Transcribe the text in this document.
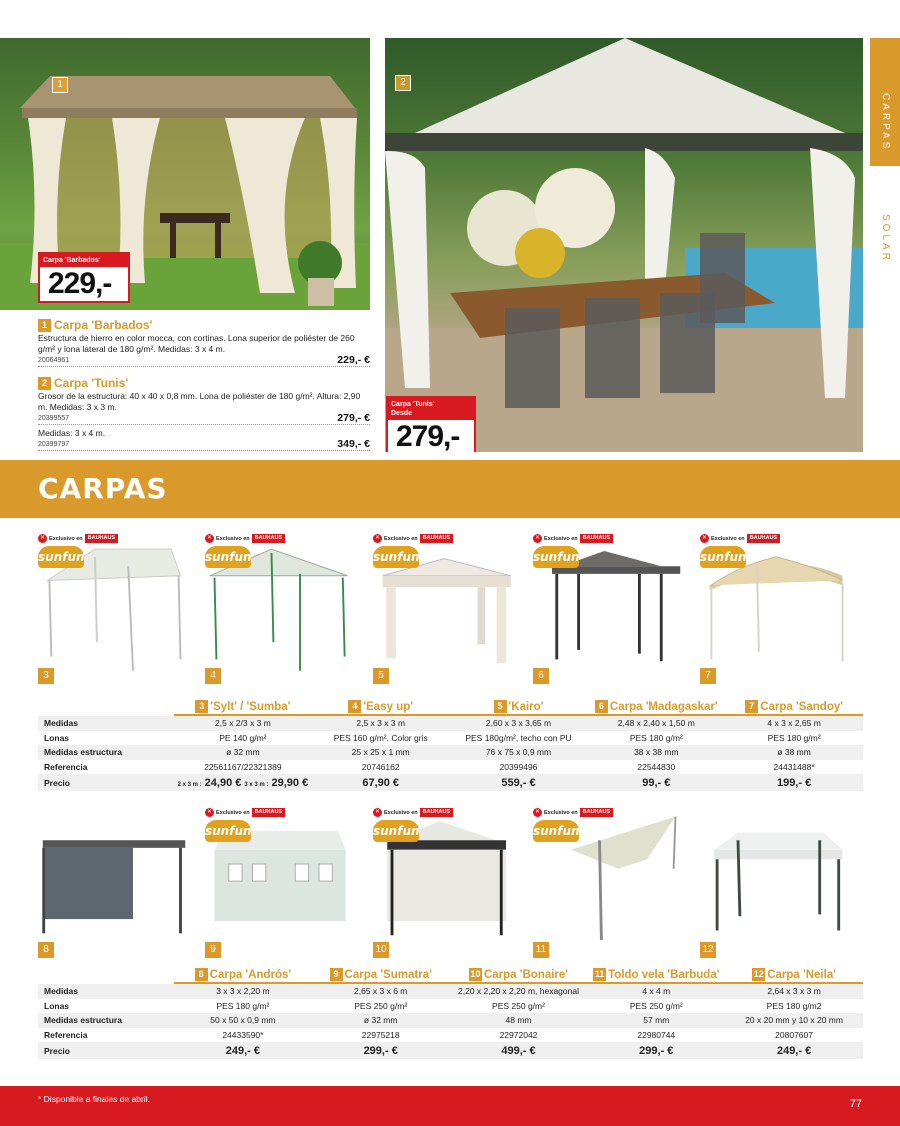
1
Carpa 'Barbados'
229,-
2
Carpa 'Tunis'
Desde
279,-
CARPAS
SOLAR
1 Carpa 'Barbados'
Estructura de hierro en color mocca, con cortinas. Lona superior de poliéster de 260 g/m² y lona lateral de 180 g/m². Medidas: 3 x 4 m.
20064961	229,- €
2 Carpa 'Tunis'
Grosor de la estructura: 40 x 40 x 0,8 mm. Lona de poliéster de 180 g/m². Altura: 2,90 m. Medidas: 3 x 3 m.
20399557	279,- €
Medidas: 3 x 4 m.
20399797	349,- €
CARPAS
✕ Exclusivo en BAUHAUS
sunfun
3
✕ Exclusivo en BAUHAUS
sunfun
4
✕ Exclusivo en BAUHAUS
sunfun
5
✕ Exclusivo en BAUHAUS
sunfun
6
✕ Exclusivo en BAUHAUS
sunfun
7
3 'Sylt' / 'Sumba'	4 'Easy up'	5 'Kairo'	6 Carpa 'Madagaskar'	7 Carpa 'Sandoy'
Medidas	2,5 x 2/3 x 3 m	2,5 x 3 x 3 m	2,60 x 3 x 3,65 m	2,48 x 2,40 x 1,50 m	4 x 3 x 2,65 m
Lonas	PE 140 g/m²	PES 160 g/m². Color gris	PES 180g/m², techo con PU	PES 180 g/m²	PES 180 g/m²
Medidas estructura	ø 32 mm	25 x 25 x 1 mm	76 x 75 x 0,9 mm	38 x 38 mm	ø 38 mm
Referencia	22561167/22321389	20746162	20399496	22544830	24431488*
Precio	2 x 3 m : 24,90 € 3 x 3 m : 29,90 €	67,90 €	559,- €	99,- €	199,- €
8
✕ Exclusivo en BAUHAUS
sunfun
9
✕ Exclusivo en BAUHAUS
sunfun
10
✕ Exclusivo en BAUHAUS
sunfun
11	12
8 Carpa 'Andrós'	9 Carpa 'Sumatra'	10 Carpa 'Bonaire'	11 Toldo vela 'Barbuda'	12 Carpa 'Neila'
Medidas	3 x 3 x 2,20 m	2,65 x 3 x 6 m	2,20 x 2,20 x 2,20 m, hexagonal	4 x 4 m	2,64 x 3 x 3 m
Lonas	PES 180 g/m²	PES 250 g/m²	PES 250 g/m²	PES 250 g/m²	PES 180 g/m2
Medidas estructura	50 x 50 x 0,9 mm	ø 32 mm	48 mm	57 mm	20 x 20 mm y 10 x 20 mm
Referencia	24433590*	22975218	22972042	22980744	20807607
Precio	249,- €	299,- €	499,- €	299,- €	249,- €
* Disponible a finales de abril.	77
